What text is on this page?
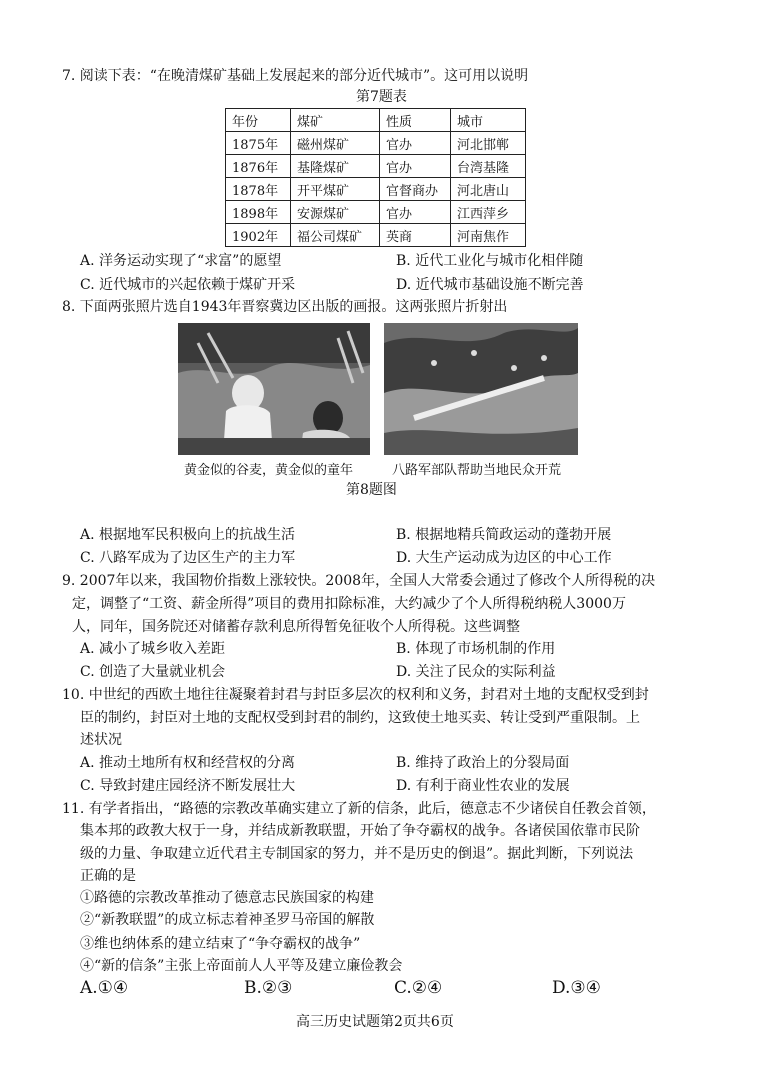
7. 阅读下表：“在晚清煤矿基础上发展起来的部分近代城市”。这可用以说明
第7题表
年份	煤矿	性质	城市
1875年	磁州煤矿	官办	河北邯郸
1876年	基隆煤矿	官办	台湾基隆
1878年	开平煤矿	官督商办	河北唐山
1898年	安源煤矿	官办	江西萍乡
1902年	福公司煤矿	英商	河南焦作
A. 洋务运动实现了“求富”的愿望	B. 近代工业化与城市化相伴随
C. 近代城市的兴起依赖于煤矿开采	D. 近代城市基础设施不断完善
8. 下面两张照片选自1943年晋察冀边区出版的画报。这两张照片折射出
黄金似的谷麦，黄金似的童年	八路军部队帮助当地民众开荒
第8题图
A. 根据地军民积极向上的抗战生活	B. 根据地精兵简政运动的蓬勃开展
C. 八路军成为了边区生产的主力军	D. 大生产运动成为边区的中心工作
9. 2007年以来，我国物价指数上涨较快。2008年，全国人大常委会通过了修改个人所得税的决
定，调整了“工资、薪金所得”项目的费用扣除标准，大约减少了个人所得税纳税人3000万
人，同年，国务院还对储蓄存款利息所得暂免征收个人所得税。这些调整
A. 减小了城乡收入差距	B. 体现了市场机制的作用
C. 创造了大量就业机会	D. 关注了民众的实际利益
10. 中世纪的西欧土地往往凝聚着封君与封臣多层次的权利和义务，封君对土地的支配权受到封
臣的制约，封臣对土地的支配权受到封君的制约，这致使土地买卖、转让受到严重限制。上
述状况
A. 推动土地所有权和经营权的分离	B. 维持了政治上的分裂局面
C. 导致封建庄园经济不断发展壮大	D. 有利于商业性农业的发展
11. 有学者指出，“路德的宗教改革确实建立了新的信条，此后，德意志不少诸侯自任教会首领，
集本邦的政教大权于一身，并结成新教联盟，开始了争夺霸权的战争。各诸侯国依靠市民阶
级的力量、争取建立近代君主专制国家的努力，并不是历史的倒退”。据此判断，下列说法
正确的是
①路德的宗教改革推动了德意志民族国家的构建
②“新教联盟”的成立标志着神圣罗马帝国的解散
③维也纳体系的建立结束了“争夺霸权的战争”
④“新的信条”主张上帝面前人人平等及建立廉俭教会
A.①④	B.②③	C.②④	D.③④
高三历史试题第2页共6页
